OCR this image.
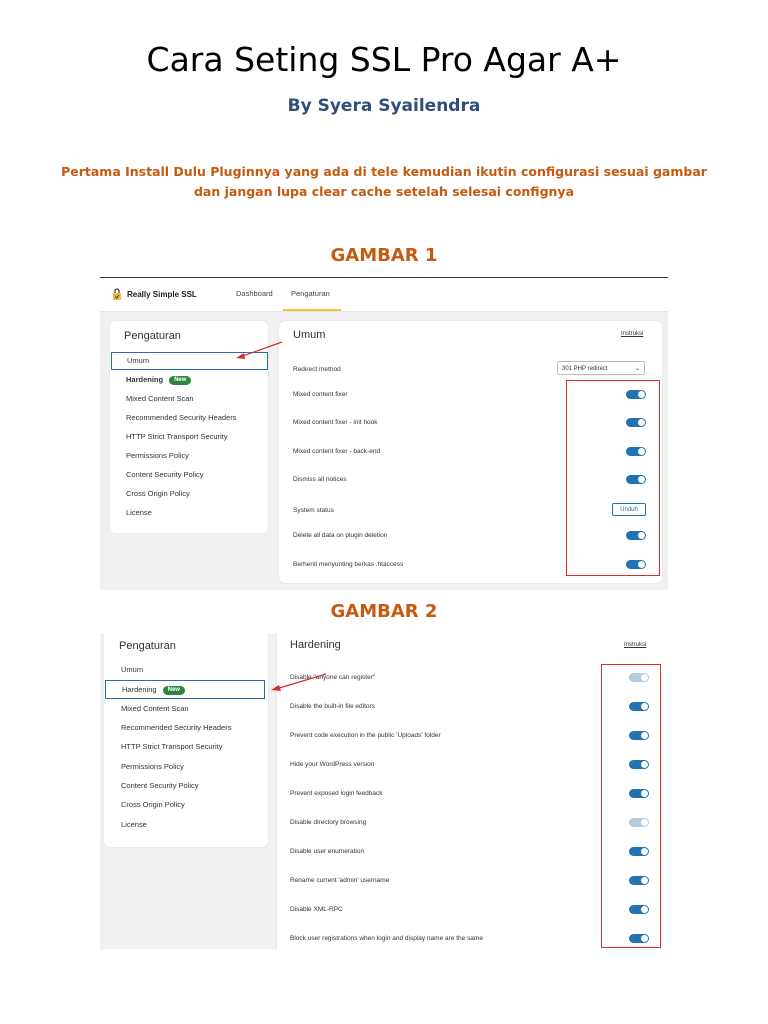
Cara Seting SSL Pro Agar A+
By Syera Syailendra
Pertama Install Dulu Pluginnya yang ada di tele kemudian ikutin configurasi sesuai gambar
dan jangan lupa clear cache setelah selesai confignya
GAMBAR 1
Really Simple SSL	Dashboard Pengaturan
Pengaturan
Umum
Hardening New
Mixed Content Scan
Recommended Security Headers
HTTP Strict Transport Security
Permissions Policy
Content Security Policy
Cross Origin Policy
License
Umum	Instruksi
Redirect method	301 PHP redirect	⌄
Mixed content fixer
Mixed content fixer - init hook
Mixed content fixer - back-end
Dismiss all notices
System status	Unduh
Delete all data on plugin deletion
Berhenti menyunting berkas .htaccess
GAMBAR 2
Pengaturan
Umum
Hardening New
Mixed Content Scan
Recommended Security Headers
HTTP Strict Transport Security
Permissions Policy
Content Security Policy
Cross Origin Policy
License
Hardening	Instruksi
Disable "anyone can register"
Disable the built-in file editors
Prevent code execution in the public 'Uploads' folder
Hide your WordPress version
Prevent exposed login feedback
Disable directory browsing
Disable user enumeration
Rename current 'admin' username
Disable XML-RPC
Block user registrations when login and display name are the same
